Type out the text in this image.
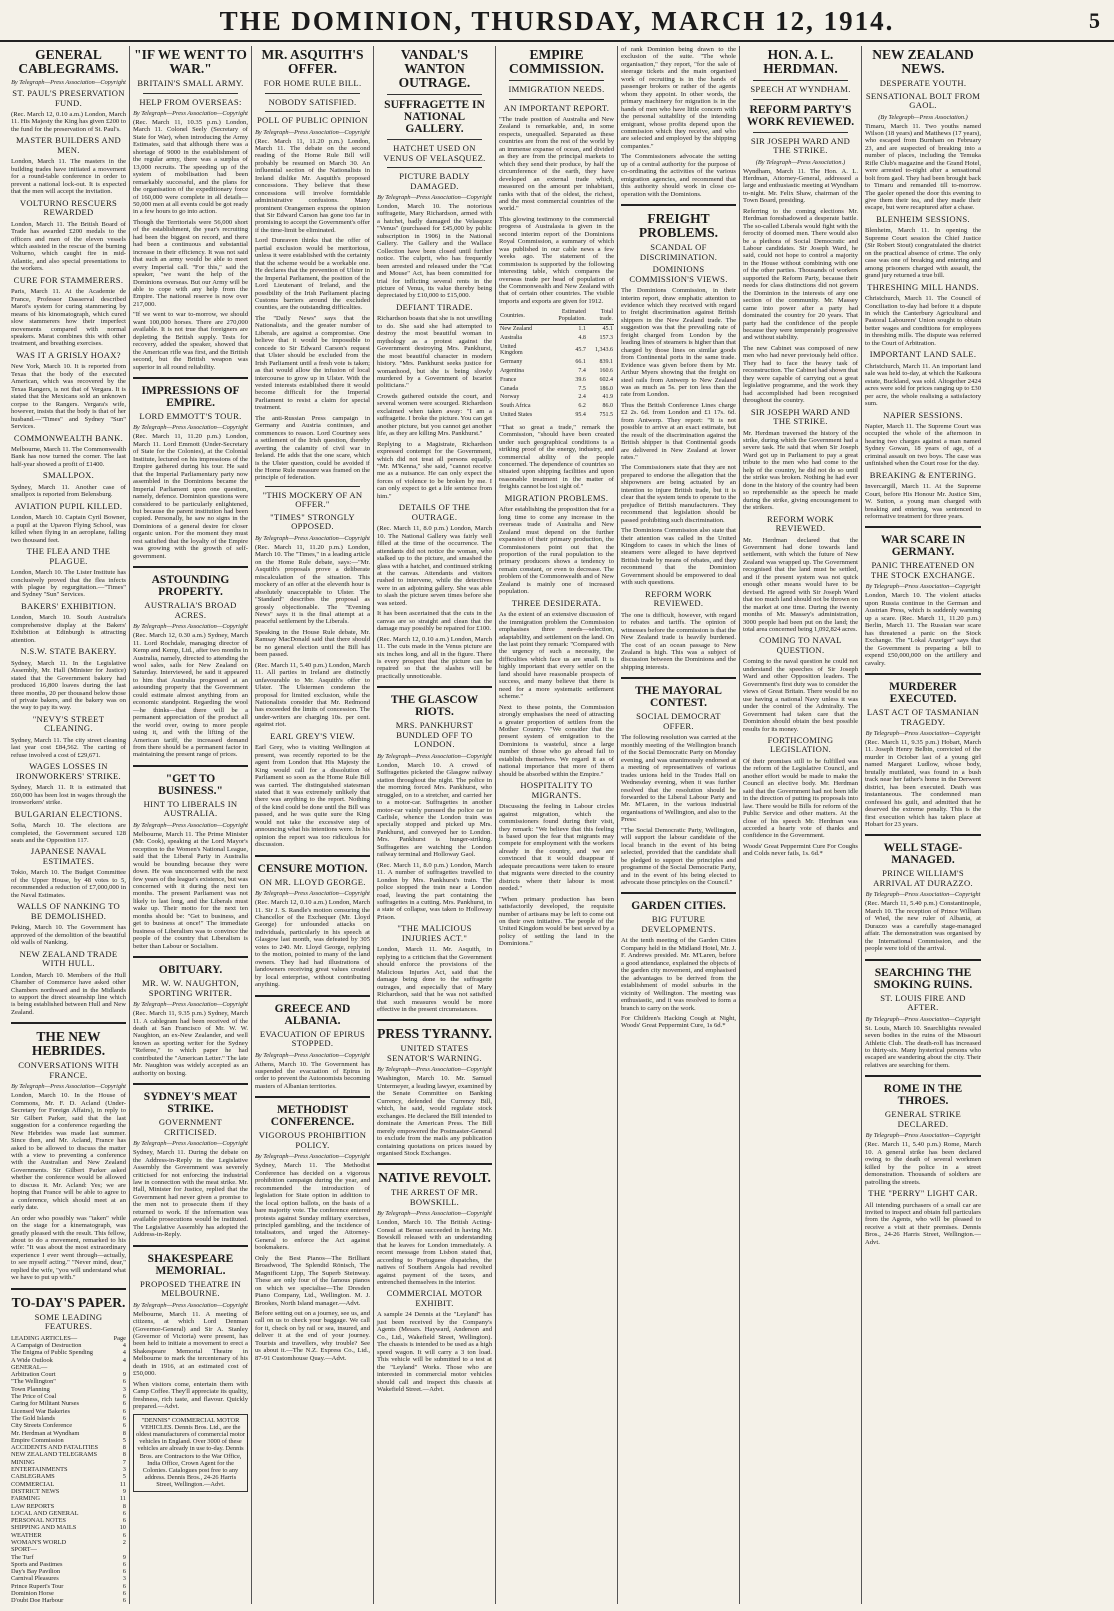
THE DOMINION, THURSDAY, MARCH 12, 1914.	5
GENERAL CABLEGRAMS.
By Telegraph—Press Association—Copyright
ST. PAUL'S PRESERVATION FUND.

(Rec. March 12, 0.10 a.m.) London, March 11. His Majesty the King has given £200 to the fund for the preservation of St. Paul's.

MASTER BUILDERS AND MEN.

London, March 11. The masters in the building trades have initiated a movement for a round-table conference in order to prevent a national lock-out. It is expected that the men will accept the invitation.

VOLTURNO RESCUERS REWARDED

London, March 11. The British Board of Trade has awarded £200 medals to the officers and men of the eleven vessels which assisted in the rescue of the burning Volturno, which caught fire in mid-Atlantic, and also special presentations to the workers.

CURE FOR STAMMERERS.

Paris, March 11. At the Academie de France, Professor Dasserval described Marot's system for curing stammering by means of his kinomatograph, which cured slow stammerers how their imperfect movements compared with normal speakers. Marat combines this with other treatment, and breathing exercises.

WAS IT A GRISLY HOAX?

New York, March 10. It is reported from Texas that the body of the executed American, which was recovered by the Texas Rangers, is not that of Vergara. It is stated that the Mexicans sold an unknown corpse to the Rangers. Vergara's wife, however, insists that the body is that of her husband.—"Times" and Sydney "Sun" Services.

COMMONWEALTH BANK.

Melbourne, March 11. The Commonwealth Bank has now turned the corner. The last half-year showed a profit of £1400.

SMALLPOX.

Sydney, March 11. Another case of smallpox is reported from Belensburg.

AVIATION PUPIL KILLED.

London, March 10. Captain Cyril Bowner, a pupil at the Upavon Flying School, was killed when flying in an aeroplane, falling two thousand feet.

THE FLEA AND THE PLAGUE.

London, March 10. The Lister Institute has conclusively proved that the flea infects with plague by regurgitation.—"Times" and Sydney "Sun" Services.

BAKERS' EXHIBITION.

London, March 10. South Australia's comprehensive display at the Bakers' Exhibition at Edinburgh is attracting attention.

N.S.W. STATE BAKERY.

Sydney, March 11. In the Legislative Assembly, Mr. Hall (Minister for Justice) stated that the Government bakery had produced 16,800 loaves during the last three months, 20 per thousand below those of private bakers, and the bakery was on the way to pay its way.

"NEVY'S STREET CLEANING.

Sydney, March 11. The city street cleaning last year cost £84,562. The carting of refuse involved a cost of £29,671.

WAGES LOSSES IN IRONWORKERS' STRIKE.

Sydney, March 11. It is estimated that £60,000 has been lost in wages through the ironworkers' strike.

BULGARIAN ELECTIONS.

Sofia, March 10. The elections are completed, the Government secured 128 seats and the Opposition 117.

JAPANESE NAVAL ESTIMATES.

Tokio, March 10. The Budget Committee of the Upper House, by 48 votes to 5, recommended a reduction of £7,000,000 in the Naval Estimates.

WALLS OF NANKING TO BE DEMOLISHED.

Peking, March 10. The Government has approved of the demolition of the beautiful old walls of Nanking.

NEW ZEALAND TRADE WITH HULL.

London, March 10. Members of the Hull Chamber of Commerce have asked other Chambers northward and in the Midlands to support the direct steamship line which is being established between Hull and New Zealand.

THE NEW HEBRIDES.
CONVERSATIONS WITH FRANCE.
By Telegraph—Press Association—Copyright

London, March 10. In the House of Commons, Mr. F. D. Acland (Under-Secretary for Foreign Affairs), in reply to Sir Gilbert Parker, said that the last suggestion for a conference regarding the New Hebrides was made last summer. Since then, and Mr. Acland, France has asked to be allowed to discuss the matter with a view to preventing a conference with the Australian and New Zealand Governments. Sir Gilbert Parker asked whether the conference would be allowed to discuss it. Mr. Acland: Yes; we are hoping that France will be able to agree to a conference, which should meet at an early date.

An order who possibly was "taken" while on the stage for a kinematograph, was greatly pleased with the result. This fellow, about to do a movement, remarked to his wife: "It was about the most extraordinary experience I ever went through—actually, to see myself acting." "Never mind, dear," replied the wife, "you will understand what we have to put up with."

TO-DAY'S PAPER.
SOME LEADING FEATURES.
LEADING ARTICLES—	Page
A Campaign of Destruction	4
The Enigma of Public Spending	4
A Wide Outlook	4
GENERAL—
Arbitration Court	9
"The Wellington"	6
Town Planning	3
The Price of Coal	6
Caring for Militant Nurses	6
Licensed War Bakeries	6
The Gold Islands	6
City Streets Conference	6
Mr. Herdman at Wyndham	8
Empire Commission	5
ACCIDENTS AND FATALITIES	8
NEW ZEALAND TELEGRAMS	8
MINING	7
ENTERTAINMENTS	3
CABLEGRAMS	5
COMMERCIAL	11
DISTRICT NEWS	9
FARMING	11
LAW REPORTS	8
LOCAL AND GENERAL	6
PERSONAL NOTES	6
SHIPPING AND MAILS	10
WEATHER	6
WOMAN'S WORLD	2
SPORT—
The Turf	9
Sports and Pastimes	6
Day's Bay Pavilion	6
Carnival Pleasures	3
Prince Rupert's Tour	6
Dominion Horse	6
D'oubt Doe Harbour	6
"IF WE WENT TO WAR."
BRITAIN'S SMALL ARMY.
HELP FROM OVERSEAS:
By Telegraph—Press Association—Copyright

(Rec. March 11, 10.35 p.m.) London, March 11. Colonel Seely (Secretary of State for War), when introducing the Army Estimates, said that although there was a shortage of 9000 in the establishment of the regular army, there was a surplus of 13,000 recruits. The speeding up of the system of mobilisation had been remarkably successful, and the plans for the organisation of the expeditionary force of 160,000 were complete in all details—50,000 men at all events could be got ready in a few hours to go into action.

Though the Territorials were 56,000 short of the establishment, the year's recruiting had been the biggest on record, and there had been a continuous and substantial increase in their efficiency. It was not said that such an army would be able to meet every Imperial call. "For this," said the speaker, "we want the help of the Dominions overseas. But our Army will be able to cope with any help from the Empire. The national reserve is now over 217,000.

"If we went to war to-morrow, we should want 100,000 horses. There are 270,000 available. It is not true that foreigners are depleting the British supply. Tests for recovery, added the speaker, showed that the American rifle was first, and the British second, but the British weapon was superior in all round reliability.

IMPRESSIONS OF EMPIRE.
LORD EMMOTT'S TOUR.
By Telegraph—Press Association—Copyright

(Rec. March 11, 11.20 p.m.) London, March 11. Lord Emmott (Under-Secretary of State for the Colonies), at the Colonial Institute, lectured on his impressions of the Empire gathered during his tour. He said that the Imperial Parliamentary party now assembled in the Dominions became the Imperial Parliament upon one question, namely, defence. Dominion questions were considered to be particularly enlightened, but because the parent institution had been copied. Personally, he saw no signs in the Dominions of a general desire for closer organic union. For the moment they must rest satisfied that the loyalty of the Empire was growing with the growth of self-government.

ASTOUNDING PROPERTY.
AUSTRALIA'S BROAD ACRES.
By Telegraph—Press Association—Copyright

(Rec. March 12, 0.30 a.m.) Sydney, March 11. Lord Rochdale, managing director of Kemp and Kemp, Ltd., after two months in Australia, namely, directed to attending the wool sales, sails for New Zealand on Saturday. Interviewed, he said it appeared to him that Australia progressed at an astounding property that the Government could estimate almost anything from an economic standpoint. Regarding the wool—he thinks—that there will be a permanent appreciation of the product all the world over, owing to more people using it, and with the lifting of the American tariff, the increased demand from there should be a permanent factor in maintaining the present range of prices.

"GET TO BUSINESS."
HINT TO LIBERALS IN AUSTRALIA.
By Telegraph—Press Association—Copyright

Melbourne, March 11. The Prime Minister (Mr. Cook), speaking at the Lord Mayor's reception to the Women's National League, said that the Liberal Party in Australia would be bounding because they were down. He was unconcerned with the next few years of the league's existence, but was concerned with it during the next ten months. The present Parliament was not likely to last long, and the Liberals must wake up. Their motto for the next ten months should be: "Get to business, and get to business at once!" The immediate business of Liberalism was to convince the people of the country that Liberalism is better than Labour or Socialism.

OBITUARY.
MR. W. W. NAUGHTON, SPORTING WRITER.
By Telegraph—Press Association—Copyright

(Rec. March 11, 9.35 p.m.) Sydney, March 11. A cablegram had been received of the death at San Francisco of Mr. W. W. Naughton, an ex-New Zealander, and well known as sporting writer for the Sydney "Referee," to which paper he had contributed the "American Letter." The late Mr. Naughton was widely accepted as an authority on boxing.

SYDNEY'S MEAT STRIKE.
GOVERNMENT CRITICISED.
By Telegraph—Press Association—Copyright

Sydney, March 11. During the debate on the Address-in-Reply in the Legislative Assembly the Government was severely criticised for not enforcing the industrial law in connection with the meat strike. Mr. Hall, Minister for Justice, replied that the Government had never given a promise to the men not to prosecute them if they returned to work. If the information was available prosecutions would be instituted. The Legislative Assembly has adopted the Address-in-Reply.

SHAKESPEARE MEMORIAL.
PROPOSED THEATRE IN MELBOURNE.
By Telegraph—Press Association—Copyright

Melbourne, March 11. A meeting of citizens, at which Lord Denman (Governor-General) and Sir A. Stanley (Governor of Victoria) were present, has been held to initiate a movement to erect a Shakespeare Memorial Theatre in Melbourne to mark the tercentenary of his death in 1916, at an estimated cost of £50,000.

When visitors come, entertain them with Camp Coffee. They'll appreciate its quality, freshness, rich taste, and flavour. Quickly prepared.—Advt.

"DENNIS" COMMERCIAL MOTOR VEHICLES. Dennis Bros. Ltd., are the oldest manufacturers of commercial motor vehicles in England. Over 3000 of these vehicles are already in use to-day. Dennis Bros. are Contractors to the War Office, India Office, Crown Agent for the Colonies. Catalogues post free to any address. Dennis Bros., 24-26 Harris Street, Wellington.—Advt.
MR. ASQUITH'S OFFER.
FOR HOME RULE BILL.
NOBODY SATISFIED.
POLL OF PUBLIC OPINION
By Telegraph—Press Association—Copyright

(Rec. March 11, 11.20 p.m.) London, March 11. The debate on the second reading of the Home Rule Bill will probably be resumed on March 30. An influential section of the Nationalists in Ireland dislike Mr. Asquith's proposed concessions. They believe that these concessions will involve formidable administrative confusions. Many prominent Orangemen express the opinion that Sir Edward Carson has gone too far in promising to accept the Government's offer if the time-limit be eliminated.

Lord Dunraven thinks that the offer of partial exclusion would be meritorious, unless it were established with the certainty that the scheme would be a workable one. He declares that the prevention of Ulster in the Imperial Parliament, the position of the Lord Lieutenant of Ireland, and the possibility of the Irish Parliament placing Customs barriers around the excluded counties, are the outstanding difficulties.

The "Daily News" says that the Nationalists, and the greater number of Liberals, are against a compromise. One believe that it would be impossible to concede to Sir Edward Carson's request that Ulster should be excluded from the Irish Parliament until a fresh vote is taken; as that would allow the infusion of local intercourse to grow up in Ulster. With the vested interests established there it would become difficult for the Imperial Parliament to resist a claim for special treatment.

The anti-Russian Press campaign in Germany and Austria continues, and commences to reason. Lord Courtney sees a settlement of the Irish question, thereby averting the calamity of civil war in Ireland. He adds that the one scare, which is the Ulster question, could be avoided if the Home Rule measure was framed on the principle of federation.

"THIS MOCKERY OF AN OFFER."
"TIMES" STRONGLY OPPOSED.
By Telegraph—Press Association—Copyright

(Rec. March 11, 11.20 p.m.) London, March 10. The "Times," in a leading article on the Home Rule debate, says:—"Mr. Asquith's proposals prove a deliberate miscalculation of the situation. This mockery of an offer at the eleventh hour is absolutely unacceptable to Ulster. The "Standard" describes the proposal as grossly objectionable. The "Evening News" says it is the final attempt at a peaceful settlement by the Liberals.

Speaking in the House Rule debate, Mr. Ramsay MacDonald said that there should be no general election until the Bill has been passed.

(Rec. March 11, 5.40 p.m.) London, March 11. All parties in Ireland are distinctly unfavourable to Mr. Asquith's offer to Ulster. The Ulstermen condemn the proposal for limited exclusion, while the Nationalists consider that Mr. Redmond has exceeded the limits of concession. The under-writers are charging 10s. per cent. against riot.

EARL GREY'S VIEW.

Earl Grey, who is visiting Wellington at present, was recently reported to be the agent from London that His Majesty the King would call for a dissolution of Parliament so soon as the Home Rule Bill was carried. The distinguished statesman stated that it was extremely unlikely that there was anything to the report. Nothing of the kind could be done until the Bill was passed, and he was quite sure the King would not take the excessive step of announcing what his intentions were. In his opinion the report was too ridiculous for discussion.

CENSURE MOTION.
ON MR. LLOYD GEORGE.
By Telegraph—Press Association—Copyright

(Rec. March 12, 0.10 a.m.) London, March 11. Sir J. S. Randle's motion censuring the Chancellor of the Exchequer (Mr. Lloyd George) for unfounded attacks on individuals, particularly in his speech at Glasgow last month, was defeated by 305 votes to 240. Mr. Lloyd George, replying to the motion, pointed to many of the land owners. They had had illustrations of landowners receiving great values created by local enterprise, without contributing anything.

GREECE AND ALBANIA.
EVACUATION OF EPIRUS STOPPED.
By Telegraph—Press Association—Copyright

Athens, March 10. The Government has suspended the evacuation of Epirus in order to prevent the Autonomists becoming masters of Albanian territories.

METHODIST CONFERENCE.
VIGOROUS PROHIBITION POLICY.
By Telegraph—Press Association—Copyright

Sydney, March 11. The Methodist Conference has decided on a vigorous prohibition campaign during the year, and recommended the introduction of legislation for State option in addition to the local option ballots, on the basis of a bare majority vote. The conference entered protests against Sunday military exercises, principled gambling, and the incidence of totalisators, and urged the Attorney-General to enforce the Act against bookmakers.

Only the Best Pianos—The Brilliant Broadwood, The Splendid Rönisch, The Magnificent Lipp, The Superb Steinway. These are only four of the famous pianos on which we specialise—The Dresden Piano Company, Ltd., Wellington. M. J. Brookes, North Island manager.—Advt.

Before setting out on a journey, see us, and call on us to check your baggage. We call for it, check on by rail or sea, insured, and deliver it at the end of your journey. Tourists and travellers, why trouble? See us about it.—The N.Z. Express Co., Ltd., 87-91 Customhouse Quay.—Advt.

VANDAL'S WANTON OUTRAGE.
SUFFRAGETTE IN NATIONAL GALLERY.
HATCHET USED ON VENUS OF VELASQUEZ.
PICTURE BADLY DAMAGED.
By Telegraph—Press Association—Copyright

London, March 10. The notorious suffragette, Mary Richardson, armed with a hatchet, badly damaged the Velasquez "Venus" (purchased for £45,000 by public subscription in 1906) in the National Gallery. The Gallery and the Wallace Collection have been closed until further notice. The culprit, who has frequently been arrested and released under the "Cat and Mouse" Act, has been committed for trial for inflicting several rents in the picture of Venus, its value thereby being depreciated by £10,000 to £15,000.

DEFIANT TIRADE.

Richardson boasts that she is not unwilling to do. She said she had attempted to destroy the most beautiful woman in mythology as a protest against the Government destroying Mrs. Pankhurst, the most beautiful character in modern history. "Mrs. Pankhurst seeks justice for womanhood, but she is being slowly murdered by a Government of Iscariot politicians."

Crowds gathered outside the court, and several women were scourged. Richardson exclaimed when taken away: "I am a suffragette. I broke the picture. You can get another picture, but you cannot get another life, as they are killing Mrs. Pankhurst."

Replying to a Magistrate, Richardson expressed contempt for the Government, which did not treat all persons equally. "Mr. M'Kenna," she said, "cannot receive me as a nuisance. He can only expect the forces of violence to be broken by me. I can only expect to get a life sentence from him."

DETAILS OF THE OUTRAGE.

(Rec. March 11, 8.0 p.m.) London, March 10. The National Gallery was fairly well filled at the time of the occurrence. The attendants did not notice the woman, who stalked up to the picture, and smashed the glass with a hatchet, and continued striking at the canvas. Attendants and visitors rushed to intervene, while the detectives were in an adjoining gallery. She was able to slash the picture seven times before she was seized.

It has been ascertained that the cuts in the canvas are so straight and clean that the damage may possibly be repaired for £100.

(Rec. March 12, 0.10 a.m.) London, March 11. The cuts made in the Venus picture are six inches long, and all in the figure. There is every prospect that the picture can be repaired so that the slashes will be practically unnoticeable.

THE GLASCOW RIOTS.
MRS. PANKHURST BUNDLED OFF TO LONDON.
By Telegraph—Press Association—Copyright

London, March 10. A crowd of Suffragettes picketed the Glasgow railway station throughout the night. The police in the morning forced Mrs. Pankhurst, who struggled, on to a stretcher, and carried her to a motor-car. Suffragettes in another motor-car vainly pursued the police car to Carlisle, whence the London train was specially stopped and picked up Mrs. Pankhurst, and conveyed her to London. Mrs. Pankhurst is hunger-striking. Suffragettes are watching the London railway terminal and Holloway Gaol.

(Rec. March 11, 8.0 p.m.) London, March 11. A number of suffragettes travelled to London by Mrs. Pankhurst's train. The police stopped the train near a London road, leaving the part containing the suffragettes in a cutting. Mrs. Pankhurst, in a state of collapse, was taken to Holloway Prison.

"THE MALICIOUS INJURIES ACT."

London, March 11. Mr. Asquith, in replying to a criticism that the Government should enforce the provisions of the Malicious Injuries Act, said that the damage being done to the suffragette outrages, and especially that of Mary Richardson, said that he was not satisfied that such measures would be more effective in the present circumstances.

PRESS TYRANNY.
UNITED STATES SENATOR'S WARNING.
By Telegraph—Press Association—Copyright

Washington, March 10. Mr. Samuel Untermeyer, a leading lawyer, examined by the Senate Committee on Banking Currency, defended the Currency Bill, which, he said, would regulate stock exchanges. He declared the Bill intended to dominate the American Press. The Bill merely empowered the Postmaster-General to exclude from the mails any publication containing quotations on prices issued by organised Stock Exchanges.

NATIVE REVOLT.
THE ARREST OF MR. BOWSKILL.
By Telegraph—Press Association—Copyright

London, March 10. The British Acting-Consul at Benue succeeded in having Mr. Bowskill released with an understanding that he leaves for London immediately. A recent message from Lisbon stated that, according to Portuguese dispatches, the natives of Southern Angola had revolted against payment of the taxes, and entrenched themselves in the interior.

COMMERCIAL MOTOR EXHIBIT.

A sample 24 Dennis at the "Leyland" has just been received by the Company's Agents (Messrs. Hayward, Anderson and Co., Ltd., Wakefield Street, Wellington). The chassis is intended to be used as a high speed wagon. It will carry a 3 ton load. This vehicle will be submitted to a test at the "Leyland" Works. Those who are interested in commercial motor vehicles should call and inspect this chassis at Wakefield Street.—Advt.

EMPIRE COMMISSION.
IMMIGRATION NEEDS.
AN IMPORTANT REPORT.

"The trade position of Australia and New Zealand is remarkable, and, in some respects, unequalled. Separated as these countries are from the rest of the world by an immense expanse of ocean, and divided as they are from the principal markets to which they send their produce, by half the circumference of the earth, they have developed an external trade which, measured on the amount per inhabitant, ranks with that of the oldest, the richest, and the most commercial countries of the world."

This glowing testimony to the commercial progress of Australasia is given in the second interim report of the Dominions Royal Commission, a summary of which was published in our cable news a few weeks ago. The statement of the commission is supported by the following interesting table, which compares the overseas trade per head of population of the Commonwealth and New Zealand with that of certain other countries. The visible imports and exports are given for 1912.

Countries.	Estimated Population.	Total trade.
New Zealand	1.1	45.1
Australia	4.8	157.3
United Kingdom	45.7	1,343.6
Germany	66.1	839.1
Argentina	7.4	160.6
France	39.6	602.4
Canada	7.5	186.0
Norway	2.4	41.9
South Africa	6.2	86.0
United States	95.4	751.5

"That so great a trade," remark the Commission, "should have been created under such geographical conditions is a striking proof of the energy, industry, and commercial ability of the people concerned. The dependence of countries so situated upon shipping facilities and upon reasonable treatment in the matter of freights cannot be lost sight of."

MIGRATION PROBLEMS.

After establishing the proposition that for a long time to come any increase in the overseas trade of Australia and New Zealand must depend on the further expansion of their primary production, the Commissioners point out that the proportion of the rural population to the primary producers shows a tendency to remain constant, or even to decrease. The problem of the Commonwealth and of New Zealand is mainly one of increased population.

THREE DESIDERATA.

As the extent of an extensive discussion of the immigration problem the Commission emphasises three needs—selection, adaptability, and settlement on the land. On the last point they remark: "Compared with the urgency of such a necessity, the difficulties which face us are small. It is highly important that every settler on the land should have reasonable prospects of success, and many believe that there is need for a more systematic settlement scheme."

Next to these points, the Commission strongly emphasises the need of attracting a greater proportion of settlers from the Mother Country. "We consider that the present system of emigration to the Dominions is wasteful, since a large number of those who go abroad fail to establish themselves. We regard it as of national importance that more of them should be absorbed within the Empire."

HOSPITALITY TO MIGRANTS.

Discussing the feeling in Labour circles against migration, which the commissioners found during their visit, they remark: "We believe that this feeling is based upon the fear that migrants may compete for employment with the workers already in the country, and we are convinced that it would disappear if adequate precautions were taken to ensure that migrants were directed to the country districts where their labour is most needed."

"When primary production has been satisfactorily developed, the requisite number of artisans may be left to come out on their own initiative. The people of the United Kingdom would be best served by a policy of settling the land in the Dominions."

of rank Dominion being drawn to the exclusion of the suite. "The whole organisation," they report, "for the sale of steerage tickets and the main organised work of recruiting is in the hands of passenger brokers or rather of the agents whom they appoint. In other words, the primary machinery for migration is in the hands of men who have little concern with the personal suitability of the intending emigrant, whose profits depend upon the commission which they receive, and who are selected and employed by the shipping companies."

The Commissioners advocate the setting up of a central authority for the purpose of co-ordinating the activities of the various emigration agencies, and recommend that this authority should work in close co-operation with the Dominions.

FREIGHT PROBLEMS.
SCANDAL OF DISCRIMINATION.
DOMINIONS COMMISSION'S VIEWS.

The Dominions Commission, in their interim report, draw emphatic attention to evidence which they received with regard to freight discrimination against British shippers in the New Zealand trade. The suggestion was that the prevailing rate of freight charged from London by the leading lines of steamers is higher than that charged by those lines on similar goods from Continental ports in the same trade. Evidence was given before them by Mr. Arthur Myers showing that the freight on steel rails from Antwerp to New Zealand was as much as 5s. per ton less than the rate from London.

Thus the British Conference Lines charge £2 2s. 6d. from London and £1 17s. 6d. from Antwerp. They report: "It is not possible to arrive at an exact estimate, but the result of the discrimination against the British shipper is that Continental goods are delivered in New Zealand at lower rates."

The Commissioners state that they are not prepared to endorse the allegation that the shipowners are being actuated by an intention to injure British trade, but it is clear that the system tends to operate to the prejudice of British manufacturers. They recommend that legislation should be passed prohibiting such discrimination.

The Dominions Commission also state that their attention was called in the United Kingdom to cases in which the lines of steamers were alleged to have deprived British trade by means of rebates, and they recommend that the Dominion Government should be empowered to deal with such questions.

REFORM WORK REVIEWED.

The one is difficult, however, with regard to rebates and tariffs. The opinion of witnesses before the commission is that the New Zealand trade is heavily burdened. The cost of an ocean passage to New Zealand is high. This was a subject of discussion between the Dominions and the shipping interests.

THE MAYORAL CONTEST.
SOCIAL DEMOCRAT OFFER.

The following resolution was carried at the monthly meeting of the Wellington branch of the Social Democratic Party on Monday evening, and was unanimously endorsed at a meeting of representatives of various trades unions held in the Trades Hall on Wednesday evening, when it was further resolved that the resolution should be forwarded to the Liberal Labour Party and Mr. M'Laren, in the various industrial organisations of Wellington, and also to the Press:

"The Social Democratic Party, Wellington, will support the labour candidate of the local branch in the event of his being selected, provided that the candidate shall be pledged to support the principles and programme of the Social Democratic Party, and in the event of his being elected to advocate those principles on the Council."

GARDEN CITIES.
BIG FUTURE DEVELOPMENTS.

At the tenth meeting of the Garden Cities Company held in the Midland Hotel, Mr. J. F. Andrews presided. Mr. M'Laren, before a good attendance, explained the objects of the garden city movement, and emphasised the advantages to be derived from the establishment of model suburbs in the vicinity of Wellington. The meeting was enthusiastic, and it was resolved to form a branch to carry on the work.

For Children's Hacking Cough at Night, Woods' Great Peppermint Cure, 1s 6d.*

HON. A. L. HERDMAN.
SPEECH AT WYNDHAM.
REFORM PARTY'S WORK REVIEWED.
SIR JOSEPH WARD AND THE STRIKE.
(By Telegraph—Press Association.)

Wyndham, March 11. The Hon. A. L. Herdman, Attorney-General, addressed a large and enthusiastic meeting at Wyndham to-night. Mr. Felix Shaw, chairman of the Town Board, presiding.

Referring to the coming elections Mr. Herdman foreshadowed a desperate battle. The so-called Liberals would fight with the ferocity of doomed men. There would also be a plethora of Social Democratic and Labour candidates. Sir Joseph Ward, he said, could not hope to control a majority in the House without combining with one of the other parties. Thousands of workers supported the Reform Party, because their needs for class distinctions did not govern the Dominion in the interests of any one section of the community. Mr. Massey came into power after a party had dominated the country for 20 years. That party had the confidence of the people because they were temperately progressive and without stability.

The new Cabinet was composed of new men who had never previously held office. They had to face the heavy task of reconstruction. The Cabinet had shown that they were capable of carrying out a great legislative programme, and the work they had accomplished had been recognised throughout the country.

SIR JOSEPH WARD AND THE STRIKE.

Mr. Herdman traversed the history of the strike, during which the Government had a severe task. He said that when Sir Joseph Ward got up in Parliament to pay a great tribute to the men who had come to the help of the country, he did not do so until the strike was broken. Nothing he had ever done in the history of the country had been so reprehensible as the speech he made during the strike, giving encouragement to the strikers.

REFORM WORK REVIEWED.

Mr. Herdman declared that the Government had done towards land settlement, with which the future of New Zealand was wrapped up. The Government recognised that the land must be settled, and if the present system was not quick enough other means would have to be devised. He agreed with Sir Joseph Ward that too much land should not be thrown on the market at one time. During the twenty months of Mr. Massey's administration, 3000 people had been put on the land; the total area concerned being 1,092,824 acres.

COMING TO NAVAL QUESTION.

Coming to the naval question he could not understand the speeches of Sir Joseph Ward and other Opposition leaders. The Government's first duty was to consider the views of Great Britain. There would be no use having a national Navy unless it was under the control of the Admiralty. The Government had taken care that the Dominion should obtain the best possible results for its money.

FORTHCOMING LEGISLATION.

Of their promises still to be fulfilled was the reform of the Legislative Council, and another effort would be made to make the Council an elective body. Mr. Herdman said that the Government had not been idle in the direction of putting its proposals into law. There would be Bills for reform of the Public Service and other matters. At the close of his speech Mr. Herdman was accorded a hearty vote of thanks and confidence in the Government.

Woods' Great Peppermint Cure For Coughs and Colds never fails, 1s. 6d.*

NEW ZEALAND NEWS.
DESPERATE YOUTH.
SENSATIONAL BOLT FROM GAOL.
(By Telegraph—Press Association.)

Timaru, March 11. Two youths named Wilson (18 years) and Matthews (17 years), who escaped from Burnham on February 23, and are suspected of breaking into a number of places, including the Temuka Rifle Club's magazine and the Grand Hotel, were arrested to-night after a sensational bolt from gaol. They had been brought back to Timaru and remanded till to-morrow. The gaoler opened the door this evening to give them their tea, and they made their escape, but were recaptured after a chase.

BLENHEIM SESSIONS.

Blenheim, March 11. In opening the Supreme Court session the Chief Justice (Sir Robert Stout) congratulated the district on the practical absence of crime. The only case was one of breaking and entering and among prisoners charged with assault, the grand jury returned a true bill.

THRESHING MILL HANDS.

Christchurch, March 11. The Council of Conciliation to-day had before it a dispute in which the Canterbury Agricultural and Pastoral Labourers' Union sought to obtain better wages and conditions for employees in threshing mills. The dispute was referred to the Court of Arbitration.

IMPORTANT LAND SALE.

Christchurch, March 11. An important land sale was held to-day, at which the Kaikoura estate, Buckland, was sold. Altogether 2424 acres were sold for prices ranging up to £30 per acre, the whole realising a satisfactory sum.

NAPIER SESSIONS.

Napier, March 11. The Supreme Court was occupied the whole of the afternoon in hearing two charges against a man named Sydney Gowan, 18 years of age, of a criminal assault on two boys. The case was unfinished when the Court rose for the day.

BREAKING & ENTERING.

Invercargill, March 11. At the Supreme Court, before His Honour Mr. Justice Sim, W. Sutton, a young man charged with breaking and entering, was sentenced to reformative treatment for three years.

WAR SCARE IN GERMANY.
PANIC THREATENED ON THE STOCK EXCHANGE.
By Telegraph—Press Association—Copyright

London, March 10. The violent attacks upon Russia continue in the German and Austrian Press, which is suddenly warning up a scare. (Rec. March 11, 11.20 p.m.) Berlin, March 11. The Russian war scare has threatened a panic on the Stock Exchange. The "Lokal Anzeiger" says that the Government is preparing a bill to expend £50,000,000 on the artillery and cavalry.

MURDERER EXECUTED.
LAST ACT OF TASMANIAN TRAGEDY.
By Telegraph—Press Association—Copyright

(Rec. March 11, 9.35 p.m.) Hobart, March 11. Joseph Henry Belbin, convicted of the murder in October last of a young girl named Margaret Ludlow, whose body, brutally mutilated, was found in a bush track near her father's home in the Derwent district, has been executed. Death was instantaneous. The condemned man confessed his guilt, and admitted that he deserved the extreme penalty. This is the first execution which has taken place at Hobart for 23 years.

WELL STAGE-MANAGED.
PRINCE WILLIAM'S ARRIVAL AT DURAZZO.
By Telegraph—Press Association—Copyright

(Rec. March 11, 5.40 p.m.) Constantinople, March 10. The reception of Prince William of Wied, the new ruler of Albania, at Durazzo was a carefully stage-managed affair. The demonstration was organised by the International Commission, and the people were told of the arrival.

SEARCHING THE SMOKING RUINS.
ST. LOUIS FIRE AND AFTER.
By Telegraph—Press Association—Copyright

St. Louis, March 10. Searchlights revealed seven bodies in the ruins of the Missouri Athletic Club. The death-roll has increased to thirty-six. Many hysterical persons who escaped are wandering about the city. Their relatives are searching for them.

ROME IN THE THROES.
GENERAL STRIKE DECLARED.
By Telegraph—Press Association—Copyright

(Rec. March 11, 5.40 p.m.) Rome, March 10. A general strike has been declared owing to the death of several workmen killed by the police in a street demonstration. Thousands of soldiers are patrolling the streets.

THE "PERRY" LIGHT CAR.

All intending purchasers of a small car are invited to inspect and obtain full particulars from the Agents, who will be pleased to receive a visit at their premises. Dennis Bros., 24-26 Harris Street, Wellington.—Advt.
